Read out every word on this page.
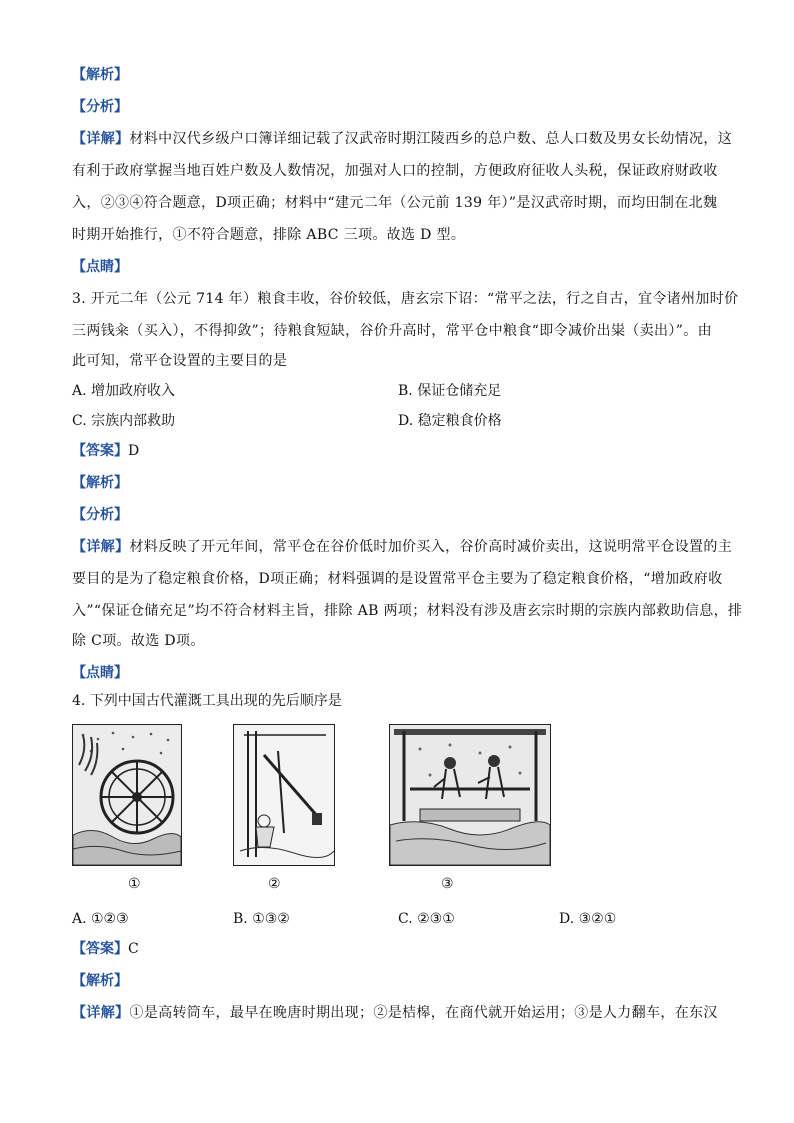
【解析】
【分析】
【详解】材料中汉代乡级户口簿详细记载了汉武帝时期江陵西乡的总户数、总人口数及男女长幼情况，这
有利于政府掌握当地百姓户数及人数情况，加强对人口的控制，方便政府征收人头税，保证政府财政收
入，②③④符合题意，D项正确；材料中“建元二年（公元前 139 年）”是汉武帝时期，而均田制在北魏
时期开始推行，①不符合题意，排除 ABC 三项。故选 D 型。
【点睛】
3. 开元二年（公元 714 年）粮食丰收，谷价较低，唐玄宗下诏：“常平之法，行之自古，宜令诸州加时价
三两钱籴（买入），不得抑敛”；待粮食短缺，谷价升高时，常平仓中粮食“即令减价出粜（卖出）”。由
此可知，常平仓设置的主要目的是
A. 增加政府收入	B. 保证仓储充足
C. 宗族内部救助	D. 稳定粮食价格
【答案】D
【解析】
【分析】
【详解】材料反映了开元年间，常平仓在谷价低时加价买入，谷价高时减价卖出，这说明常平仓设置的主
要目的是为了稳定粮食价格，D项正确；材料强调的是设置常平仓主要为了稳定粮食价格，“增加政府收
入”“保证仓储充足”均不符合材料主旨，排除 AB 两项；材料没有涉及唐玄宗时期的宗族内部救助信息，排
除 C项。故选 D项。
【点睛】
4. 下列中国古代灌溉工具出现的先后顺序是
①	②	③
A. ①②③	B. ①③②	C. ②③①	D. ③②①
【答案】C
【解析】
【详解】①是高转筒车，最早在晚唐时期出现；②是桔槔，在商代就开始运用；③是人力翻车，在东汉
